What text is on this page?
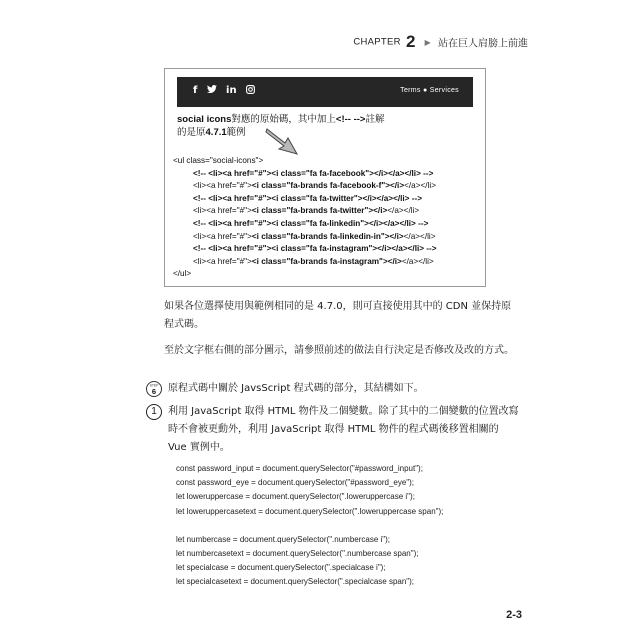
CHAPTER 2 ▶ 站在巨人肩膀上前進
f	in	Terms ● Services
social icons對應的原始碼，其中加上<!-- -->註解
的是原4.7.1範例
<ul class="social-icons">
<!-- <li><a href="#"><i class="fa fa-facebook"></i></a></li> -->
<li><a href="#"><i class="fa-brands fa-facebook-f"></i></a></li>
<!-- <li><a href="#"><i class="fa fa-twitter"></i></a></li> -->
<li><a href="#"><i class="fa-brands fa-twitter"></i></a></li>
<!-- <li><a href="#"><i class="fa fa-linkedin"></i></a></li> -->
<li><a href="#"><i class="fa-brands fa-linkedin-in"></i></a></li>
<!-- <li><a href="#"><i class="fa fa-instagram"></i></a></li> -->
<li><a href="#"><i class="fa-brands fa-instagram"></i></a></li>
</ul>
如果各位選擇使用與範例相同的是 4.7.0，則可直接使用其中的 CDN 並保持原程式碼。
至於文字框右側的部分圖示，請參照前述的做法自行決定是否修改及改的方式。
STEP
6 原程式碼中關於 JavsScript 程式碼的部分，其結構如下。
1	利用 JavaScript 取得 HTML 物件及二個變數。除了其中的二個變數的位置改寫時不會被更動外，利用 JavaScript 取得 HTML 物件的程式碼後移置相關的 Vue 實例中。
const password_input = document.querySelector("#password_input");
const password_eye = document.querySelector("#password_eye");
let loweruppercase = document.querySelector(".loweruppercase i");
let loweruppercasetext = document.querySelector(".loweruppercase span");
let numbercase = document.querySelector(".numbercase i");
let numbercasetext = document.querySelector(".numbercase span");
let specialcase = document.querySelector(".specialcase i");
let specialcasetext = document.querySelector(".specialcase span");
2-3
